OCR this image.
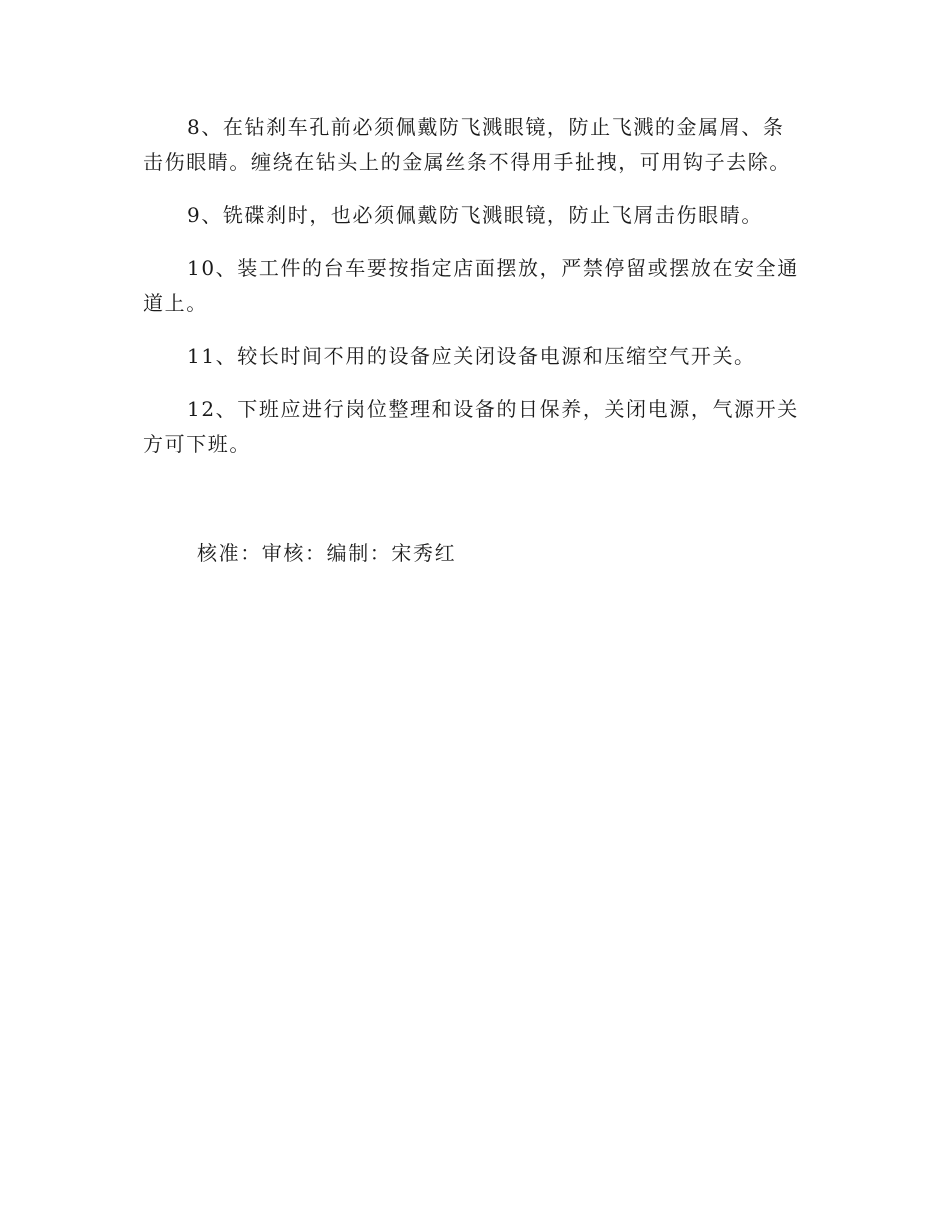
8、在钻刹车孔前必须佩戴防飞溅眼镜，防止飞溅的金属屑、条击伤眼睛。缠绕在钻头上的金属丝条不得用手扯拽，可用钩子去除。

9、铣碟刹时，也必须佩戴防飞溅眼镜，防止飞屑击伤眼睛。

10、装工件的台车要按指定店面摆放，严禁停留或摆放在安全通道上。

11、较长时间不用的设备应关闭设备电源和压缩空气开关。

12、下班应进行岗位整理和设备的日保养，关闭电源，气源开关方可下班。

核准：审核：编制：宋秀红
